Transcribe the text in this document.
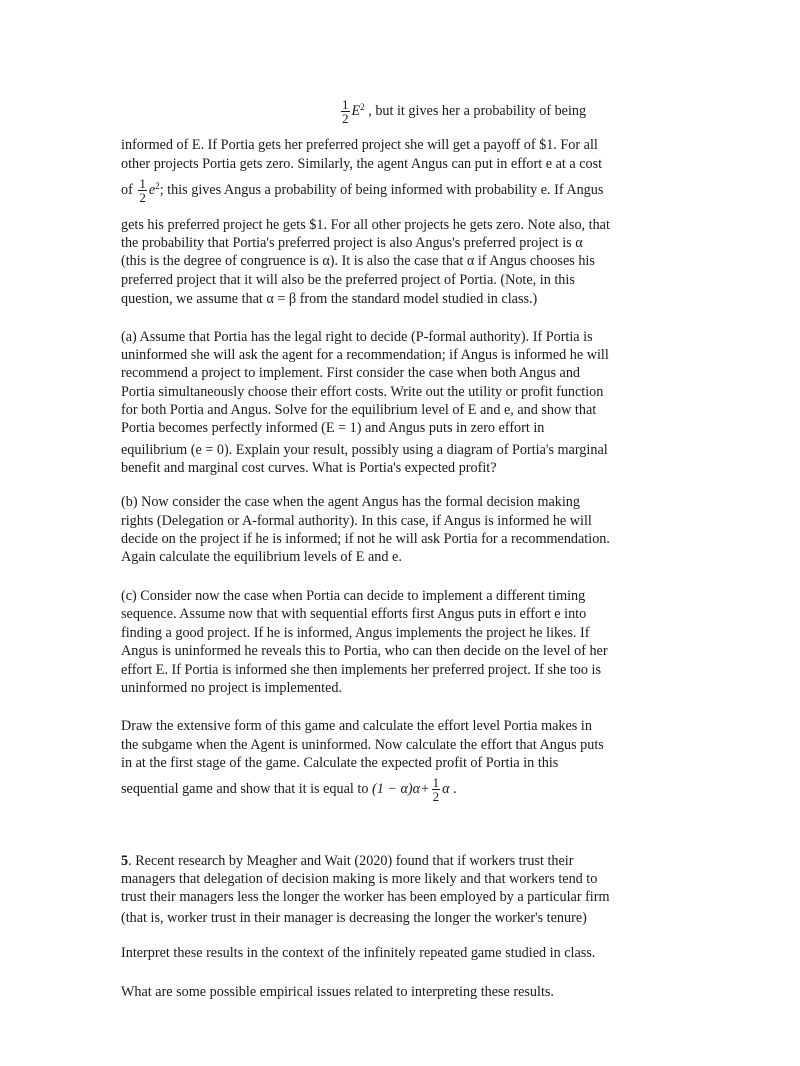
$\frac{1}{2} E^2$ , but it gives her a probability of being
informed of E. If Portia gets her preferred project she will get a payoff of $1. For all
other projects Portia gets zero. Similarly, the agent Angus can put in effort e at a cost
of $\frac{1}{2} e^2$; this gives Angus a probability of being informed with probability e. If Angus
gets his preferred project he gets $1. For all other projects he gets zero. Note also, that
the probability that Portia's preferred project is also Angus's preferred project is α
(this is the degree of congruence is α). It is also the case that α if Angus chooses his
preferred project that it will also be the preferred project of Portia. (Note, in this
question, we assume that α = β from the standard model studied in class.)
(a) Assume that Portia has the legal right to decide (P-formal authority). If Portia is
uninformed she will ask the agent for a recommendation; if Angus is informed he will
recommend a project to implement. First consider the case when both Angus and
Portia simultaneously choose their effort costs. Write out the utility or profit function
for both Portia and Angus. Solve for the equilibrium level of E and e, and show that
Portia becomes perfectly informed (E = 1) and Angus puts in zero effort in
equilibrium (e = 0). Explain your result, possibly using a diagram of Portia's marginal
benefit and marginal cost curves. What is Portia's expected profit?
(b) Now consider the case when the agent Angus has the formal decision making
rights (Delegation or A-formal authority). In this case, if Angus is informed he will
decide on the project if he is informed; if not he will ask Portia for a recommendation.
Again calculate the equilibrium levels of E and e.
(c) Consider now the case when Portia can decide to implement a different timing
sequence. Assume now that with sequential efforts first Angus puts in effort e into
finding a good project. If he is informed, Angus implements the project he likes. If
Angus is uninformed he reveals this to Portia, who can then decide on the level of her
effort E. If Portia is informed she then implements her preferred project. If she too is
uninformed no project is implemented.
Draw the extensive form of this game and calculate the effort level Portia makes in
the subgame when the Agent is uninformed. Now calculate the effort that Angus puts
in at the first stage of the game. Calculate the expected profit of Portia in this
sequential game and show that it is equal to $(1 - \alpha)\alpha+ \frac{1}{2}$ α .
5. Recent research by Meagher and Wait (2020) found that if workers trust their
managers that delegation of decision making is more likely and that workers tend to
trust their managers less the longer the worker has been employed by a particular firm
(that is, worker trust in their manager is decreasing the longer the worker's tenure)
Interpret these results in the context of the infinitely repeated game studied in class.
What are some possible empirical issues related to interpreting these results.
